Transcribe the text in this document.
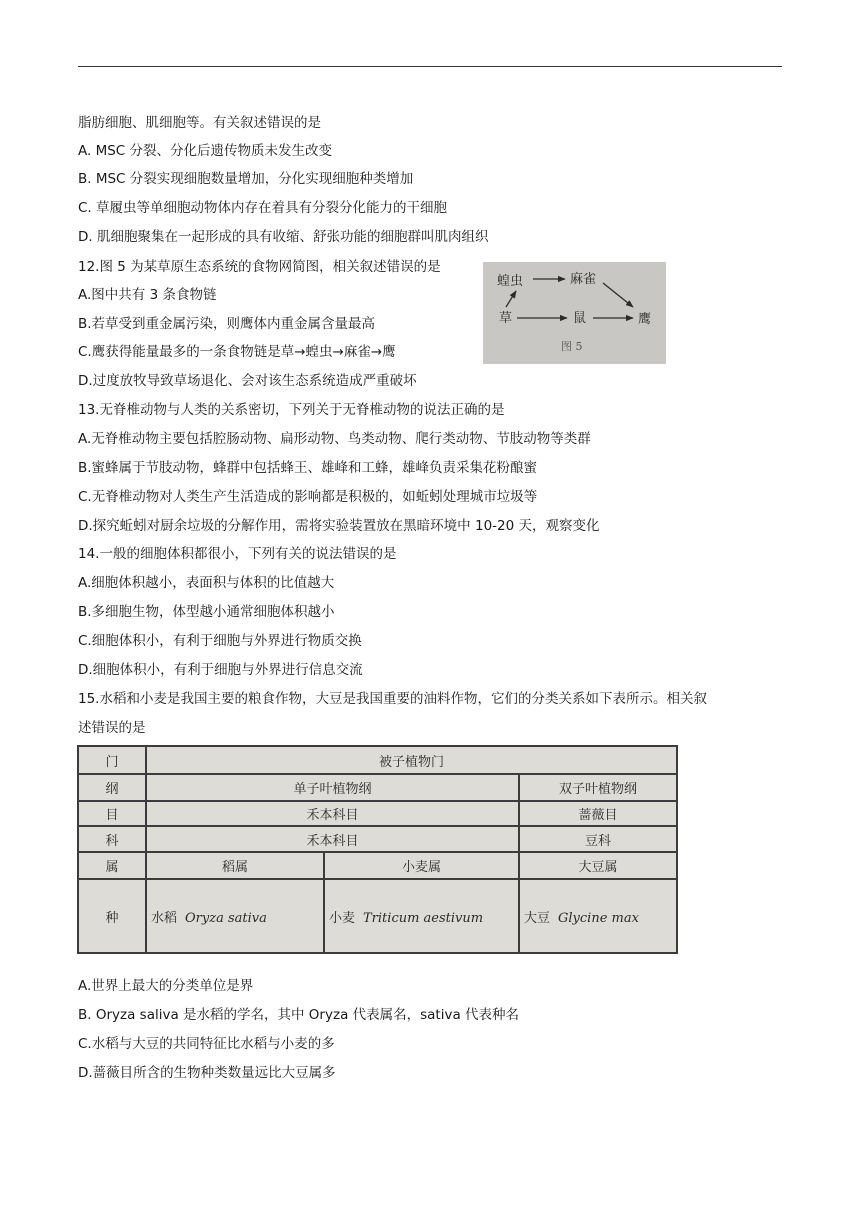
脂肪细胞、肌细胞等。有关叙述错误的是
A. MSC 分裂、分化后遗传物质未发生改变
B. MSC 分裂实现细胞数量增加，分化实现细胞种类增加
C. 草履虫等单细胞动物体内存在着具有分裂分化能力的干细胞
D. 肌细胞聚集在一起形成的具有收缩、舒张功能的细胞群叫肌肉组织
12.图 5 为某草原生态系统的食物网简图，相关叙述错误的是
A.图中共有 3 条食物链
B.若草受到重金属污染，则鹰体内重金属含量最高
C.鹰获得能量最多的一条食物链是草→蝗虫→麻雀→鹰
D.过度放牧导致草场退化、会对该生态系统造成严重破坏
13.无脊椎动物与人类的关系密切，下列关于无脊椎动物的说法正确的是
A.无脊椎动物主要包括腔肠动物、扁形动物、鸟类动物、爬行类动物、节肢动物等类群
B.蜜蜂属于节肢动物，蜂群中包括蜂王、雄峰和工蜂，雄峰负责采集花粉酿蜜
C.无脊椎动物对人类生产生活造成的影响都是积极的，如蚯蚓处理城市垃圾等
D.探究蚯蚓对厨余垃圾的分解作用，需将实验装置放在黑暗环境中 10-20 天，观察变化
14.一般的细胞体积都很小，下列有关的说法错误的是
A.细胞体积越小，表面积与体积的比值越大
B.多细胞生物，体型越小通常细胞体积越小
C.细胞体积小，有利于细胞与外界进行物质交换
D.细胞体积小，有利于细胞与外界进行信息交流
15.水稻和小麦是我国主要的粮食作物，大豆是我国重要的油料作物，它们的分类关系如下表所示。相关叙
述错误的是
蝗虫	麻雀
草	鼠	鹰
图 5
门	被子植物门		
纲	单子叶植物纲		双子叶植物纲
目	禾本科目		蔷薇目
科	禾本科目		豆科
属	稻属	小麦属	大豆属
种	水稻 Oryza sativa	小麦 Triticum aestivum	大豆 Glycine max
A.世界上最大的分类单位是界
B. Oryza saliva 是水稻的学名，其中 Oryza 代表属名，sativa 代表种名
C.水稻与大豆的共同特征比水稻与小麦的多
D.蔷薇目所含的生物种类数量远比大豆属多
